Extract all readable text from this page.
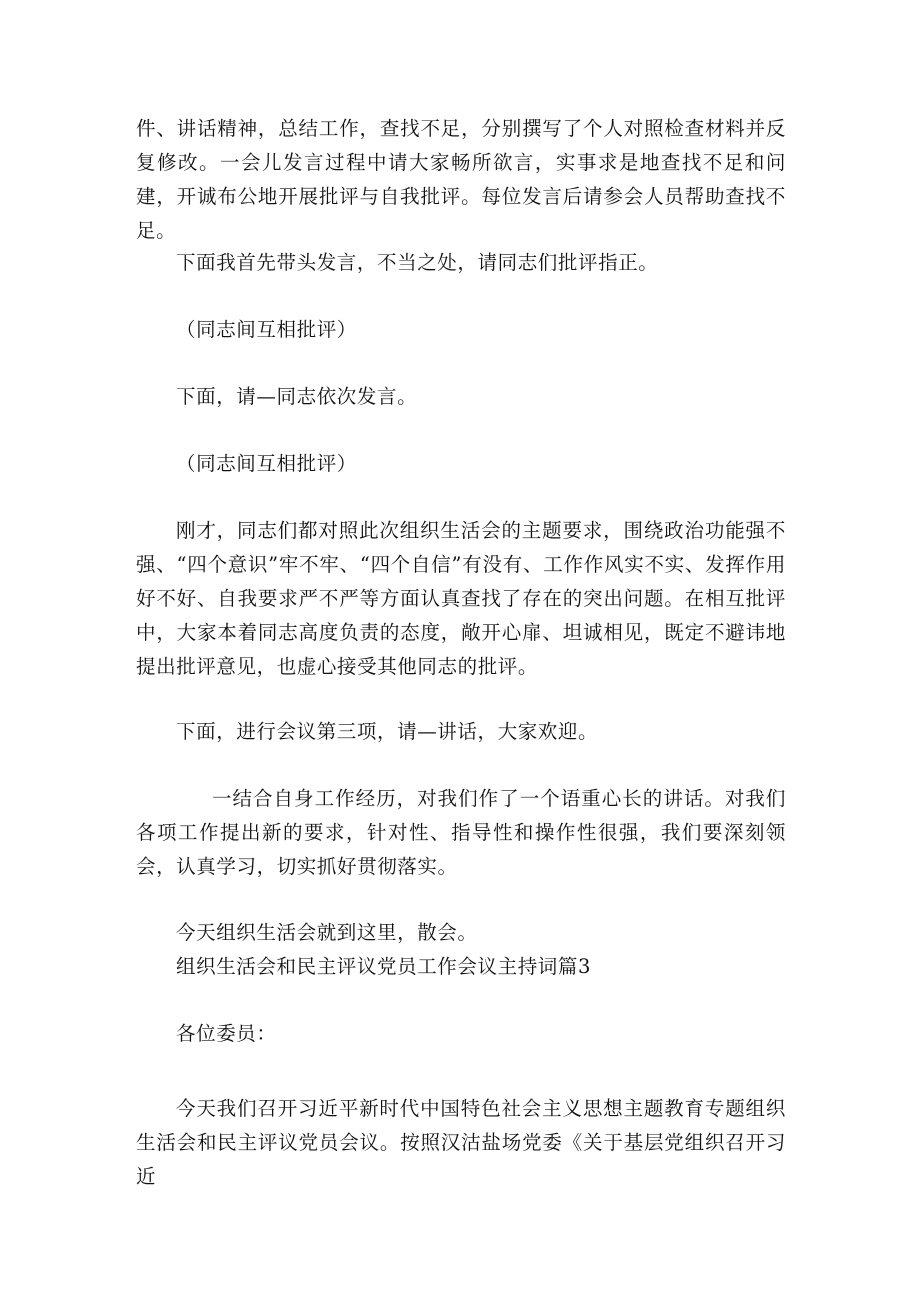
件、讲话精神，总结工作，查找不足，分别撰写了个人对照检查材料并反复修改。一会儿发言过程中请大家畅所欲言，实事求是地查找不足和问建，开诚布公地开展批评与自我批评。每位发言后请参会人员帮助查找不足。

下面我首先带头发言，不当之处，请同志们批评指正。

（同志间互相批评）

下面，请—同志依次发言。

（同志间互相批评）

刚才，同志们都对照此次组织生活会的主题要求，围绕政治功能强不强、“四个意识”牢不牢、“四个自信”有没有、工作作风实不实、发挥作用好不好、自我要求严不严等方面认真查找了存在的突出问题。在相互批评中，大家本着同志高度负责的态度，敞开心扉、坦诚相见，既定不避讳地提出批评意见，也虚心接受其他同志的批评。

下面，进行会议第三项，请—讲话，大家欢迎。

一结合自身工作经历，对我们作了一个语重心长的讲话。对我们各项工作提出新的要求，针对性、指导性和操作性很强，我们要深刻领会，认真学习，切实抓好贯彻落实。

今天组织生活会就到这里，散会。

组织生活会和民主评议党员工作会议主持词篇3

各位委员：

今天我们召开习近平新时代中国特色社会主义思想主题教育专题组织生活会和民主评议党员会议。按照汉沽盐场党委《关于基层党组织召开习近
